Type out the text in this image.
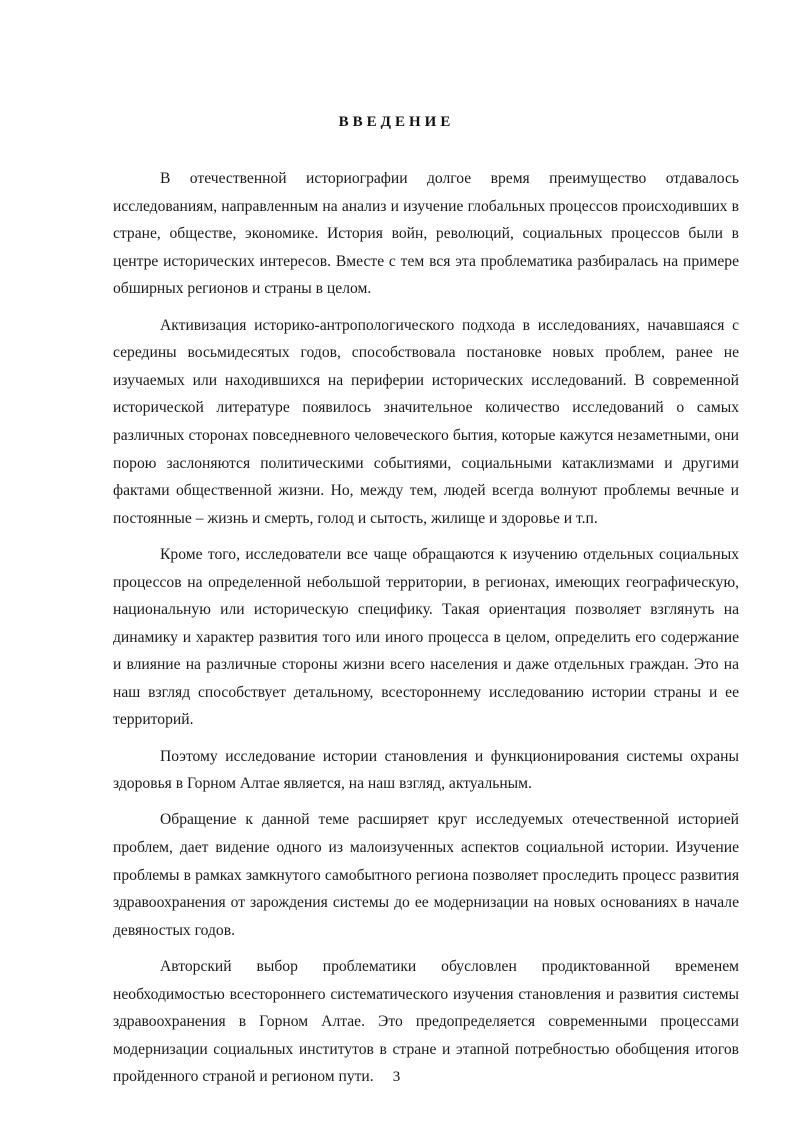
ВВЕДЕНИЕ

В отечественной историографии долгое время преимущество отдавалось исследованиям, направленным на анализ и изучение глобальных процессов происходивших в стране, обществе, экономике. История войн, революций, социальных процессов были в центре исторических интересов. Вместе с тем вся эта проблематика разбиралась на примере обширных регионов и страны в целом.

Активизация историко-антропологического подхода в исследованиях, начавшаяся с середины восьмидесятых годов, способствовала постановке новых проблем, ранее не изучаемых или находившихся на периферии исторических исследований. В современной исторической литературе появилось значительное количество исследований о самых различных сторонах повседневного человеческого бытия, которые кажутся незаметными, они порою заслоняются политическими событиями, социальными катаклизмами и другими фактами общественной жизни. Но, между тем, людей всегда волнуют проблемы вечные и постоянные – жизнь и смерть, голод и сытость, жилище и здоровье и т.п.

Кроме того, исследователи все чаще обращаются к изучению отдельных социальных процессов на определенной небольшой территории, в регионах, имеющих географическую, национальную или историческую специфику. Такая ориентация позволяет взглянуть на динамику и характер развития того или иного процесса в целом, определить его содержание и влияние на различные стороны жизни всего населения и даже отдельных граждан. Это на наш взгляд способствует детальному, всестороннему исследованию истории страны и ее территорий.

Поэтому исследование истории становления и функционирования системы охраны здоровья в Горном Алтае является, на наш взгляд, актуальным.

Обращение к данной теме расширяет круг исследуемых отечественной историей проблем, дает видение одного из малоизученных аспектов социальной истории. Изучение проблемы в рамках замкнутого самобытного региона позволяет проследить процесс развития здравоохранения от зарождения системы до ее модернизации на новых основаниях в начале девяностых годов.

Авторский выбор проблематики обусловлен продиктованной временем необходимостью всестороннего систематического изучения становления и развития системы здравоохранения в Горном Алтае. Это предопределяется современными процессами модернизации социальных институтов в стране и этапной потребностью обобщения итогов пройденного страной и регионом пути.	3
